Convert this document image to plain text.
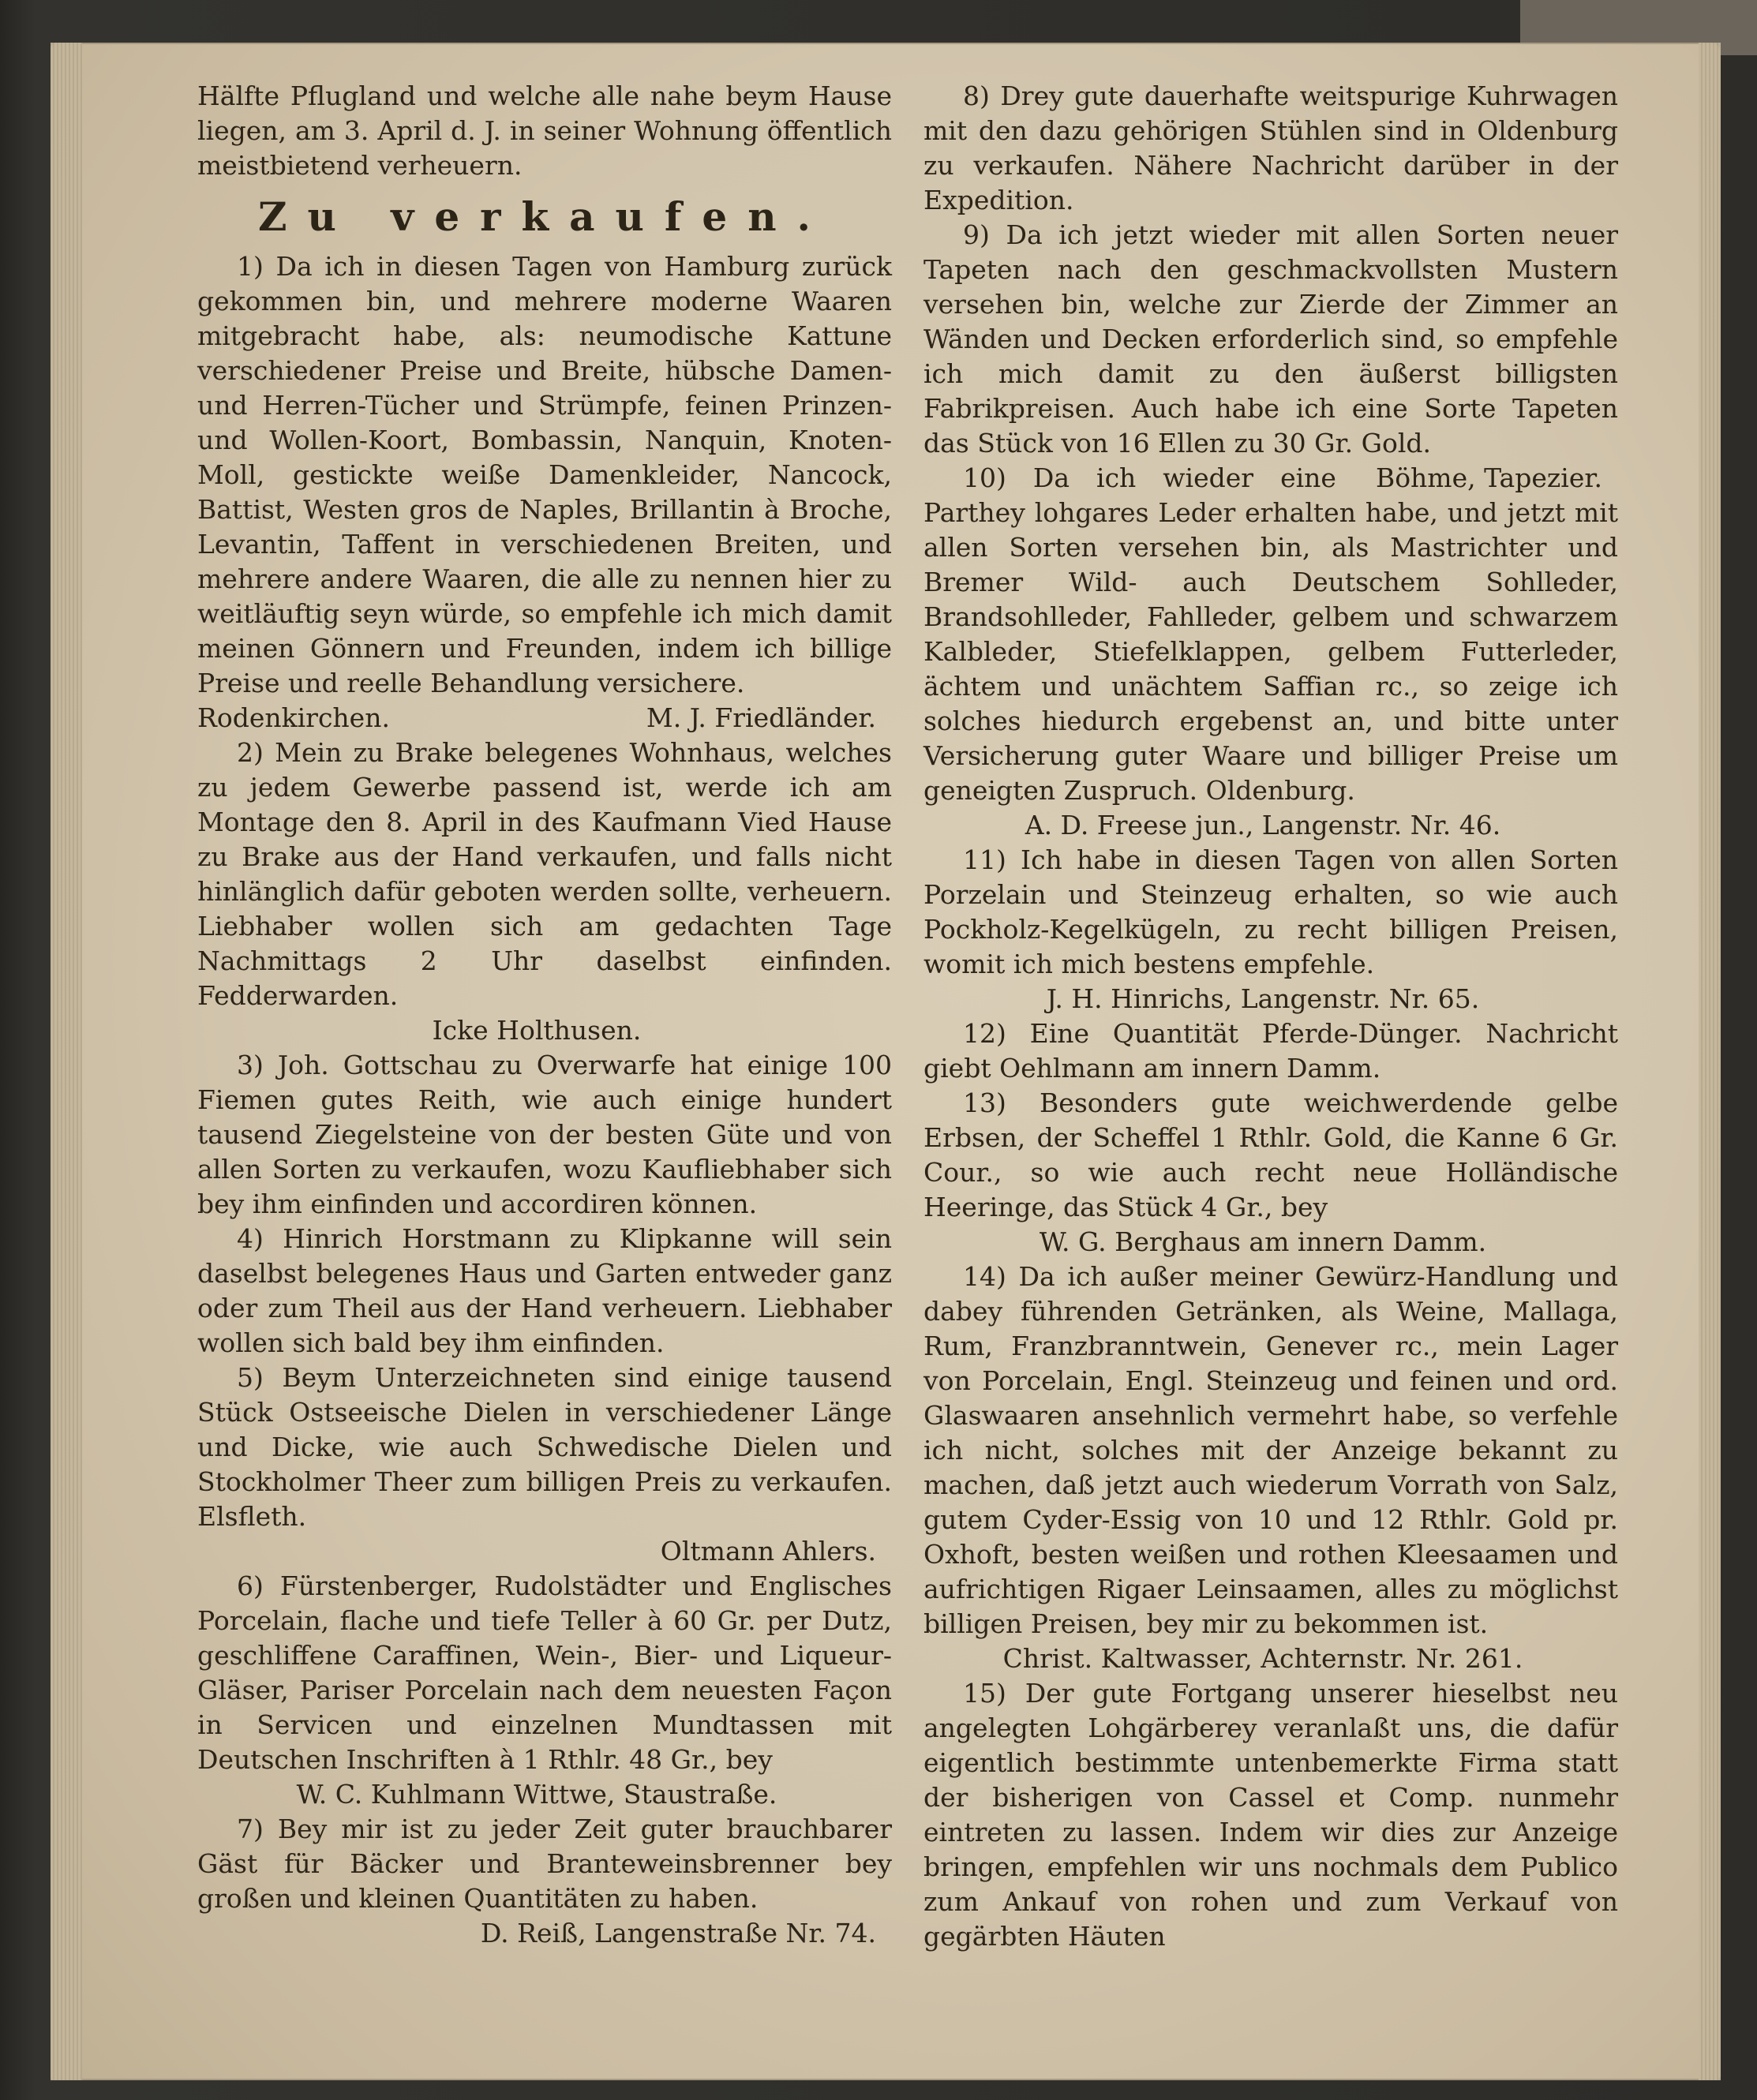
Hälfte Pflugland und welche alle nahe beym Hause liegen, am 3. April d. J. in seiner Wohnung öffentlich meistbietend verheuern.

Zu verkaufen.

1) Da ich in diesen Tagen von Hamburg zurück gekommen bin, und mehrere moderne Waaren mitgebracht habe, als: neumodische Kattune verschiedener Preise und Breite, hübsche Damen- und Herren-Tücher und Strümpfe, feinen Prinzen- und Wollen-Koort, Bombassin, Nanquin, Knoten-Moll, gestickte weiße Damenkleider, Nancock, Battist, Westen gros de Naples, Brillantin à Broche, Levantin, Taffent in verschiedenen Breiten, und mehrere andere Waaren, die alle zu nennen hier zu weitläuftig seyn würde, so empfehle ich mich damit meinen Gönnern und Freunden, indem ich billige Preise und reelle Behandlung versichere.

Rodenkirchen.	M. J. Friedländer.

2) Mein zu Brake belegenes Wohnhaus, welches zu jedem Gewerbe passend ist, werde ich am Montage den 8. April in des Kaufmann Vied Hause zu Brake aus der Hand verkaufen, und falls nicht hinlänglich dafür geboten werden sollte, verheuern. Liebhaber wollen sich am gedachten Tage Nachmittags 2 Uhr daselbst einfinden. Fedderwarden.

Icke Holthusen.

3) Joh. Gottschau zu Overwarfe hat einige 100 Fiemen gutes Reith, wie auch einige hundert tausend Ziegelsteine von der besten Güte und von allen Sorten zu verkaufen, wozu Kaufliebhaber sich bey ihm einfinden und accordiren können.

4) Hinrich Horstmann zu Klipkanne will sein daselbst belegenes Haus und Garten entweder ganz oder zum Theil aus der Hand verheuern. Liebhaber wollen sich bald bey ihm einfinden.

5) Beym Unterzeichneten sind einige tausend Stück Ostseeische Dielen in verschiedener Länge und Dicke, wie auch Schwedische Dielen und Stockholmer Theer zum billigen Preis zu verkaufen. Elsfleth.

Oltmann Ahlers.

6) Fürstenberger, Rudolstädter und Englisches Porcelain, flache und tiefe Teller à 60 Gr. per Dutz, geschliffene Caraffinen, Wein-, Bier- und Liqueur-Gläser, Pariser Porcelain nach dem neuesten Façon in Servicen und einzelnen Mundtassen mit Deutschen Inschriften à 1 Rthlr. 48 Gr., bey

W. C. Kuhlmann Wittwe, Staustraße.

7) Bey mir ist zu jeder Zeit guter brauchbarer Gäst für Bäcker und Branteweinsbrenner bey großen und kleinen Quantitäten zu haben.

D. Reiß, Langenstraße Nr. 74.

8) Drey gute dauerhafte weitspurige Kuhrwagen mit den dazu gehörigen Stühlen sind in Oldenburg zu verkaufen. Nähere Nachricht darüber in der Expedition.

9) Da ich jetzt wieder mit allen Sorten neuer Tapeten nach den geschmackvollsten Mustern versehen bin, welche zur Zierde der Zimmer an Wänden und Decken erforderlich sind, so empfehle ich mich damit zu den äußerst billigsten Fabrikpreisen. Auch habe ich eine Sorte Tapeten das Stück von 16 Ellen zu 30 Gr. Gold.
Böhme, Tapezier.

10) Da ich wieder eine Parthey lohgares Leder erhalten habe, und jetzt mit allen Sorten versehen bin, als Mastrichter und Bremer Wild- auch Deutschem Sohlleder, Brandsohlleder, Fahlleder, gelbem und schwarzem Kalbleder, Stiefelklappen, gelbem Futterleder, ächtem und unächtem Saffian rc., so zeige ich solches hiedurch ergebenst an, und bitte unter Versicherung guter Waare und billiger Preise um geneigten Zuspruch. Oldenburg.

A. D. Freese jun., Langenstr. Nr. 46.

11) Ich habe in diesen Tagen von allen Sorten Porzelain und Steinzeug erhalten, so wie auch Pockholz-Kegelkügeln, zu recht billigen Preisen, womit ich mich bestens empfehle.

J. H. Hinrichs, Langenstr. Nr. 65.

12) Eine Quantität Pferde-Dünger. Nachricht giebt Oehlmann am innern Damm.

13) Besonders gute weichwerdende gelbe Erbsen, der Scheffel 1 Rthlr. Gold, die Kanne 6 Gr. Cour., so wie auch recht neue Holländische Heeringe, das Stück 4 Gr., bey

W. G. Berghaus am innern Damm.

14) Da ich außer meiner Gewürz-Handlung und dabey führenden Getränken, als Weine, Mallaga, Rum, Franzbranntwein, Genever rc., mein Lager von Porcelain, Engl. Steinzeug und feinen und ord. Glaswaaren ansehnlich vermehrt habe, so verfehle ich nicht, solches mit der Anzeige bekannt zu machen, daß jetzt auch wiederum Vorrath von Salz, gutem Cyder-Essig von 10 und 12 Rthlr. Gold pr. Oxhoft, besten weißen und rothen Kleesaamen und aufrichtigen Rigaer Leinsaamen, alles zu möglichst billigen Preisen, bey mir zu bekommen ist.

Christ. Kaltwasser, Achternstr. Nr. 261.

15) Der gute Fortgang unserer hieselbst neu angelegten Lohgärberey veranlaßt uns, die dafür eigentlich bestimmte untenbemerkte Firma statt der bisherigen von Cassel et Comp. nunmehr eintreten zu lassen. Indem wir dies zur Anzeige bringen, empfehlen wir uns nochmals dem Publico zum Ankauf von rohen und zum Verkauf von gegärbten Häuten
